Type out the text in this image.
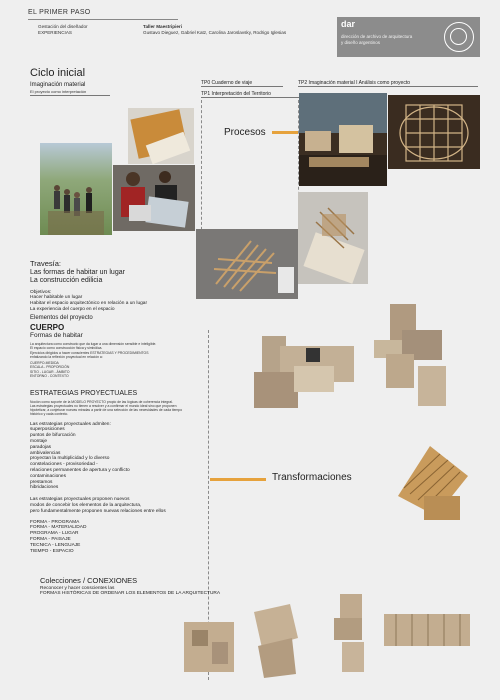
EL PRIMER PASO
Gestación del diseñador
EXPERIENCIAS
Taller Maestripieri
Gustavo Dieguez, Gabriel Katz, Carolina Jaroslavsky, Rodrigo Iglesias
dar
dirección de archivo de arquitectura
y diseño argentinos
Ciclo inicial
Imaginación material
El proyecto como interpretación
TP0 Cuaderno de viaje
TP1 Interpretación del Territorio
TP2 Imaginación material I Análisis como proyecto
Procesos
Travesía:
Las formas de habitar un lugar
La construcción edilicia
Objetivos:
Hacer habitable un lugar
Habitar el espacio arquitectónico en relación a un lugar
La experiencia del cuerpo en el espacio
Elementos del proyecto
CUERPO
Formas de habitar
La arquitectura como constructo que da lugar a una dimensión sensible e inteligible.
El espacio como construcción física y simbólica.
Ejercicios dirigidos a hacer conscientes ESTRATEGIAS Y PROCEDIMIENTOS
enfatizando la reflexión proyectual en relación a:
CUERPO-MEDIDA
ESCALA - PROPORCIÓN
SITIO - LUGAR - ÁMBITO
ENTORNO - CONTEXTO
ESTRATEGIAS PROYECTUALES
Noción como soporte de la MODELO PROYECTO propio de las lógicas de coherencia integral.
Las estrategias proyectuales no tienen a resolver y a confirmar el mundo ideal sino que proponen
hipotetizar, a conjeturar nuevas miradas a partir de una selección de las necesidades de cada tiempo
histórico y cada contexto.
Las estrategias proyectuales admiten:
superposiciones
puntos de bifurcación
montaje
paradojas
ambivalencias
proyectan la multiplicidad y lo diverso
constelaciones - provisoriedad -
relaciones permanentes de apertura y conflicto
contaminaciones
prestamos
hibridaciones
Las estrategias proyectuales proponen nuevos
modos de concebir los elementos de la arquitectura,
pero fundamentalmente proponen nuevas relaciones entre ellos
FORMA - PROGRAMA
FORMA - MATERIALIDAD
PROGRAMA - LUGAR
FORMA - PAISAJE
TECNICA - LENGUAJE
TIEMPO - ESPACIO
Transformaciones
Colecciones / CONEXIONES
Reconocer y hacer conscientes las
FORMAS HISTÓRICAS DE ORDENAR LOS ELEMENTOS DE LA ARQUITECTURA
